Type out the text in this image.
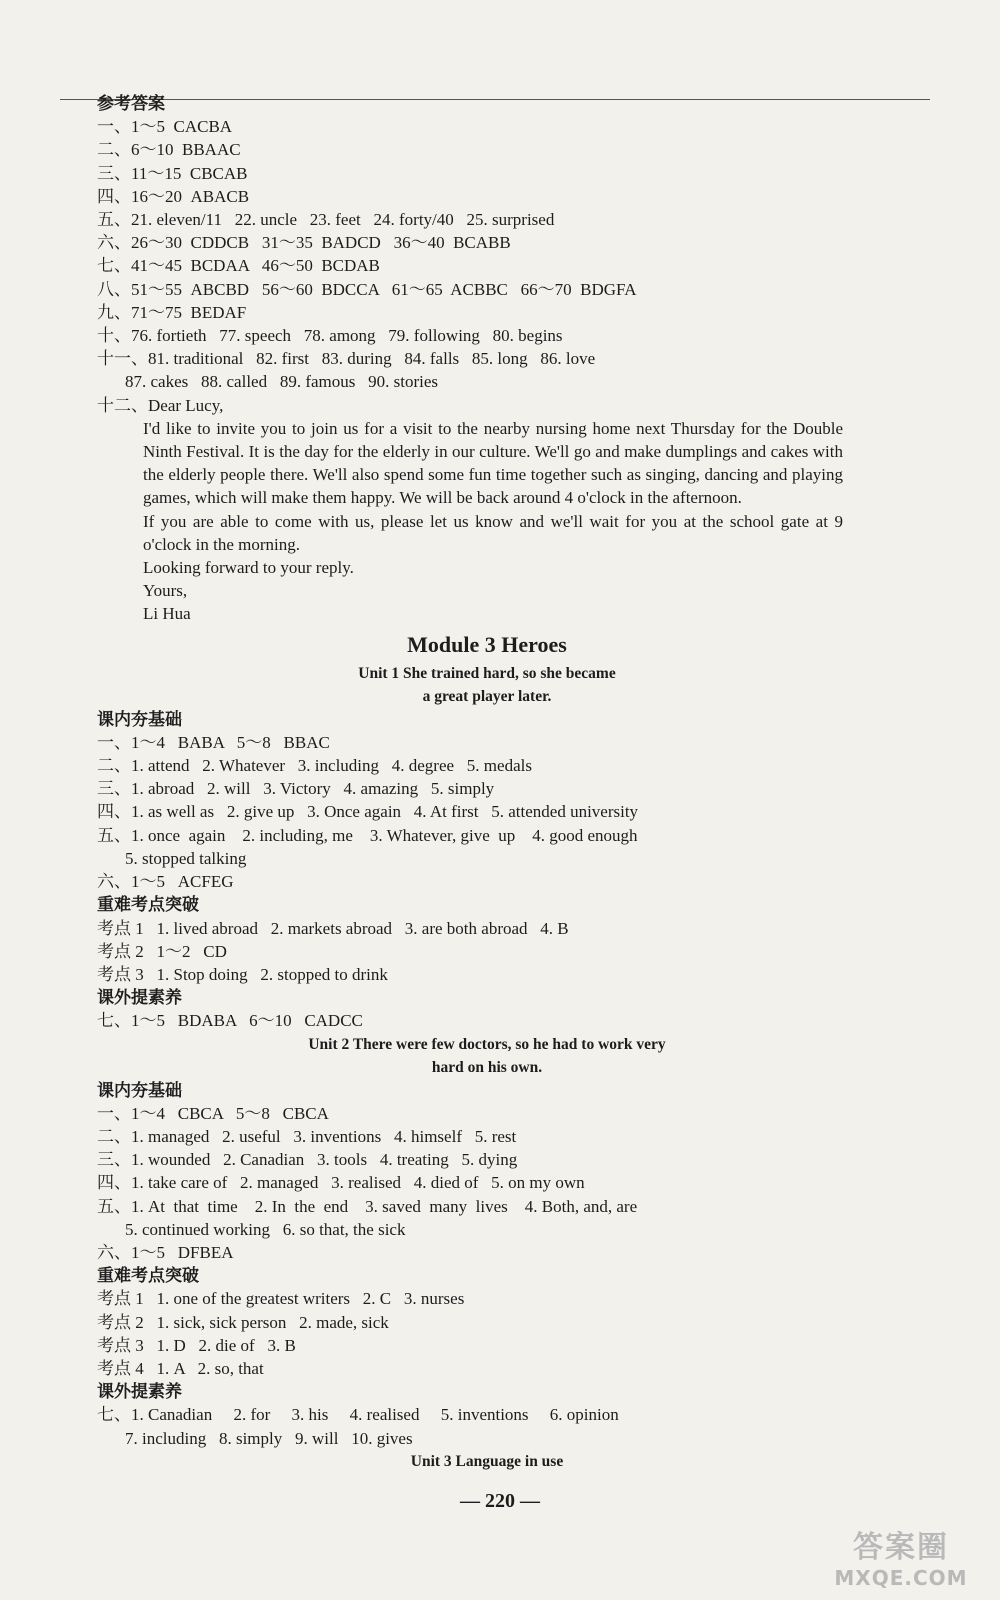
参考答案
一、1～5  CACBA
二、6～10  BBAAC
三、11～15  CBCAB
四、16～20  ABACB
五、21. eleven/11   22. uncle   23. feet   24. forty/40   25. surprised
六、26～30  CDDCB   31～35  BADCD   36～40  BCABB
七、41～45  BCDAA   46～50  BCDAB
八、51～55  ABCBD   56～60  BDCCA   61～65  ACBBC   66～70  BDGFA
九、71～75  BEDAF
十、76. fortieth   77. speech   78. among   79. following   80. begins
十一、81. traditional   82. first   83. during   84. falls   85. long   86. love
87. cakes   88. called   89. famous   90. stories
十二、Dear Lucy,
I'd like to invite you to join us for a visit to the nearby nursing home next Thursday for the Double Ninth Festival. It is the day for the elderly in our culture. We'll go and make dumplings and cakes with the elderly people there. We'll also spend some fun time together such as singing, dancing and playing games, which will make them happy. We will be back around 4 o'clock in the afternoon.
If you are able to come with us, please let us know and we'll wait for you at the school gate at 9 o'clock in the morning.
Looking forward to your reply.
Yours,
Li Hua
Module 3 Heroes
Unit 1 She trained hard, so she became
a great player later.
课内夯基础
一、1～4   BABA   5～8   BBAC
二、1. attend   2. Whatever   3. including   4. degree   5. medals
三、1. abroad   2. will   3. Victory   4. amazing   5. simply
四、1. as well as   2. give up   3. Once again   4. At first   5. attended university
五、1. once  again    2. including, me    3. Whatever, give  up    4. good enough
5. stopped talking
六、1～5   ACFEG
重难考点突破
考点 1   1. lived abroad   2. markets abroad   3. are both abroad   4. B
考点 2   1～2   CD
考点 3   1. Stop doing   2. stopped to drink
课外提素养
七、1～5   BDABA   6～10   CADCC
Unit 2 There were few doctors, so he had to work very
hard on his own.
课内夯基础
一、1～4   CBCA   5～8   CBCA
二、1. managed   2. useful   3. inventions   4. himself   5. rest
三、1. wounded   2. Canadian   3. tools   4. treating   5. dying
四、1. take care of   2. managed   3. realised   4. died of   5. on my own
五、1. At  that  time    2. In  the  end    3. saved  many  lives    4. Both, and, are
5. continued working   6. so that, the sick
六、1～5   DFBEA
重难考点突破
考点 1   1. one of the greatest writers   2. C   3. nurses
考点 2   1. sick, sick person   2. made, sick
考点 3   1. D   2. die of   3. B
考点 4   1. A   2. so, that
课外提素养
七、1. Canadian     2. for     3. his     4. realised     5. inventions     6. opinion
7. including   8. simply   9. will   10. gives
Unit 3 Language in use
— 220 —
答案圈
MXQE.COM
